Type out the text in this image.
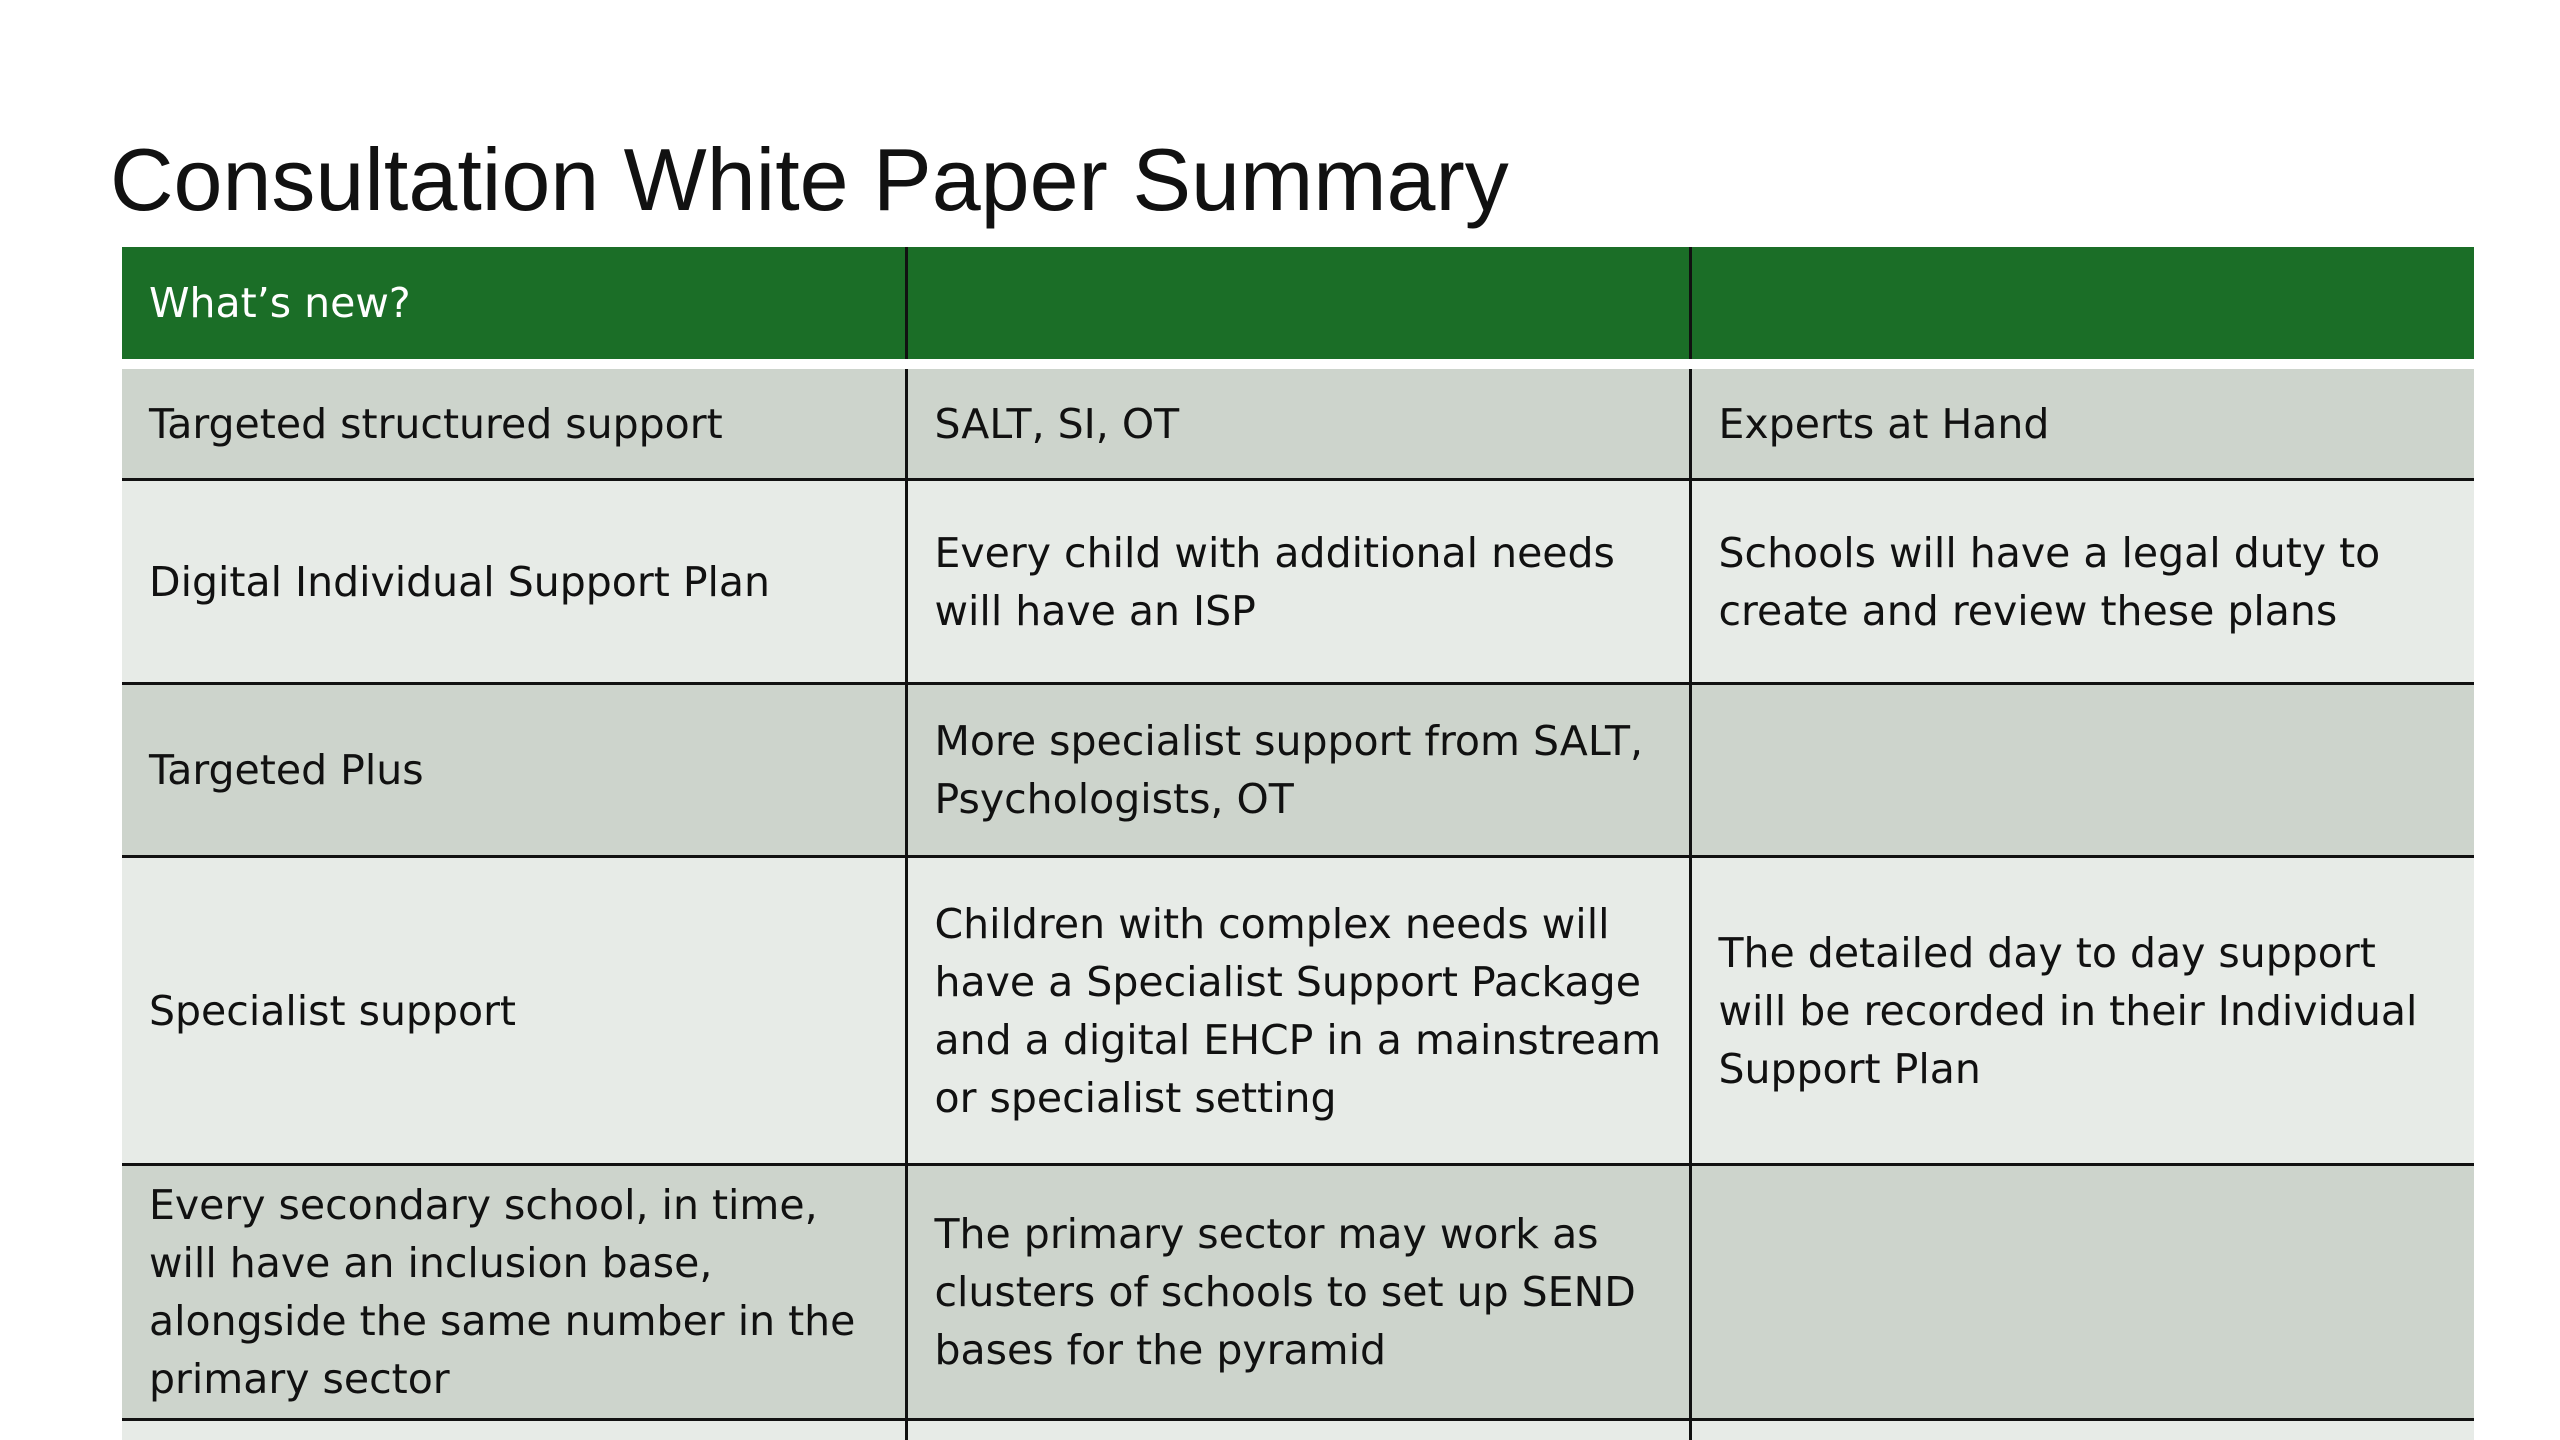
Consultation White Paper Summary
What’s new?		
Targeted structured support	SALT, SI, OT	Experts at Hand
Digital Individual Support Plan	Every child with additional needs will have an ISP	Schools will have a legal duty to create and review these plans
Targeted Plus	More specialist support from SALT, Psychologists, OT	
Specialist support	Children with complex needs will have a Specialist Support Package and a digital EHCP in a mainstream or specialist setting	The detailed day to day support will be recorded in their Individual Support Plan
Every secondary school, in time, will have an inclusion base, alongside the same number in the primary sector	The primary sector may work as clusters of schools to set up SEND bases for the pyramid	
